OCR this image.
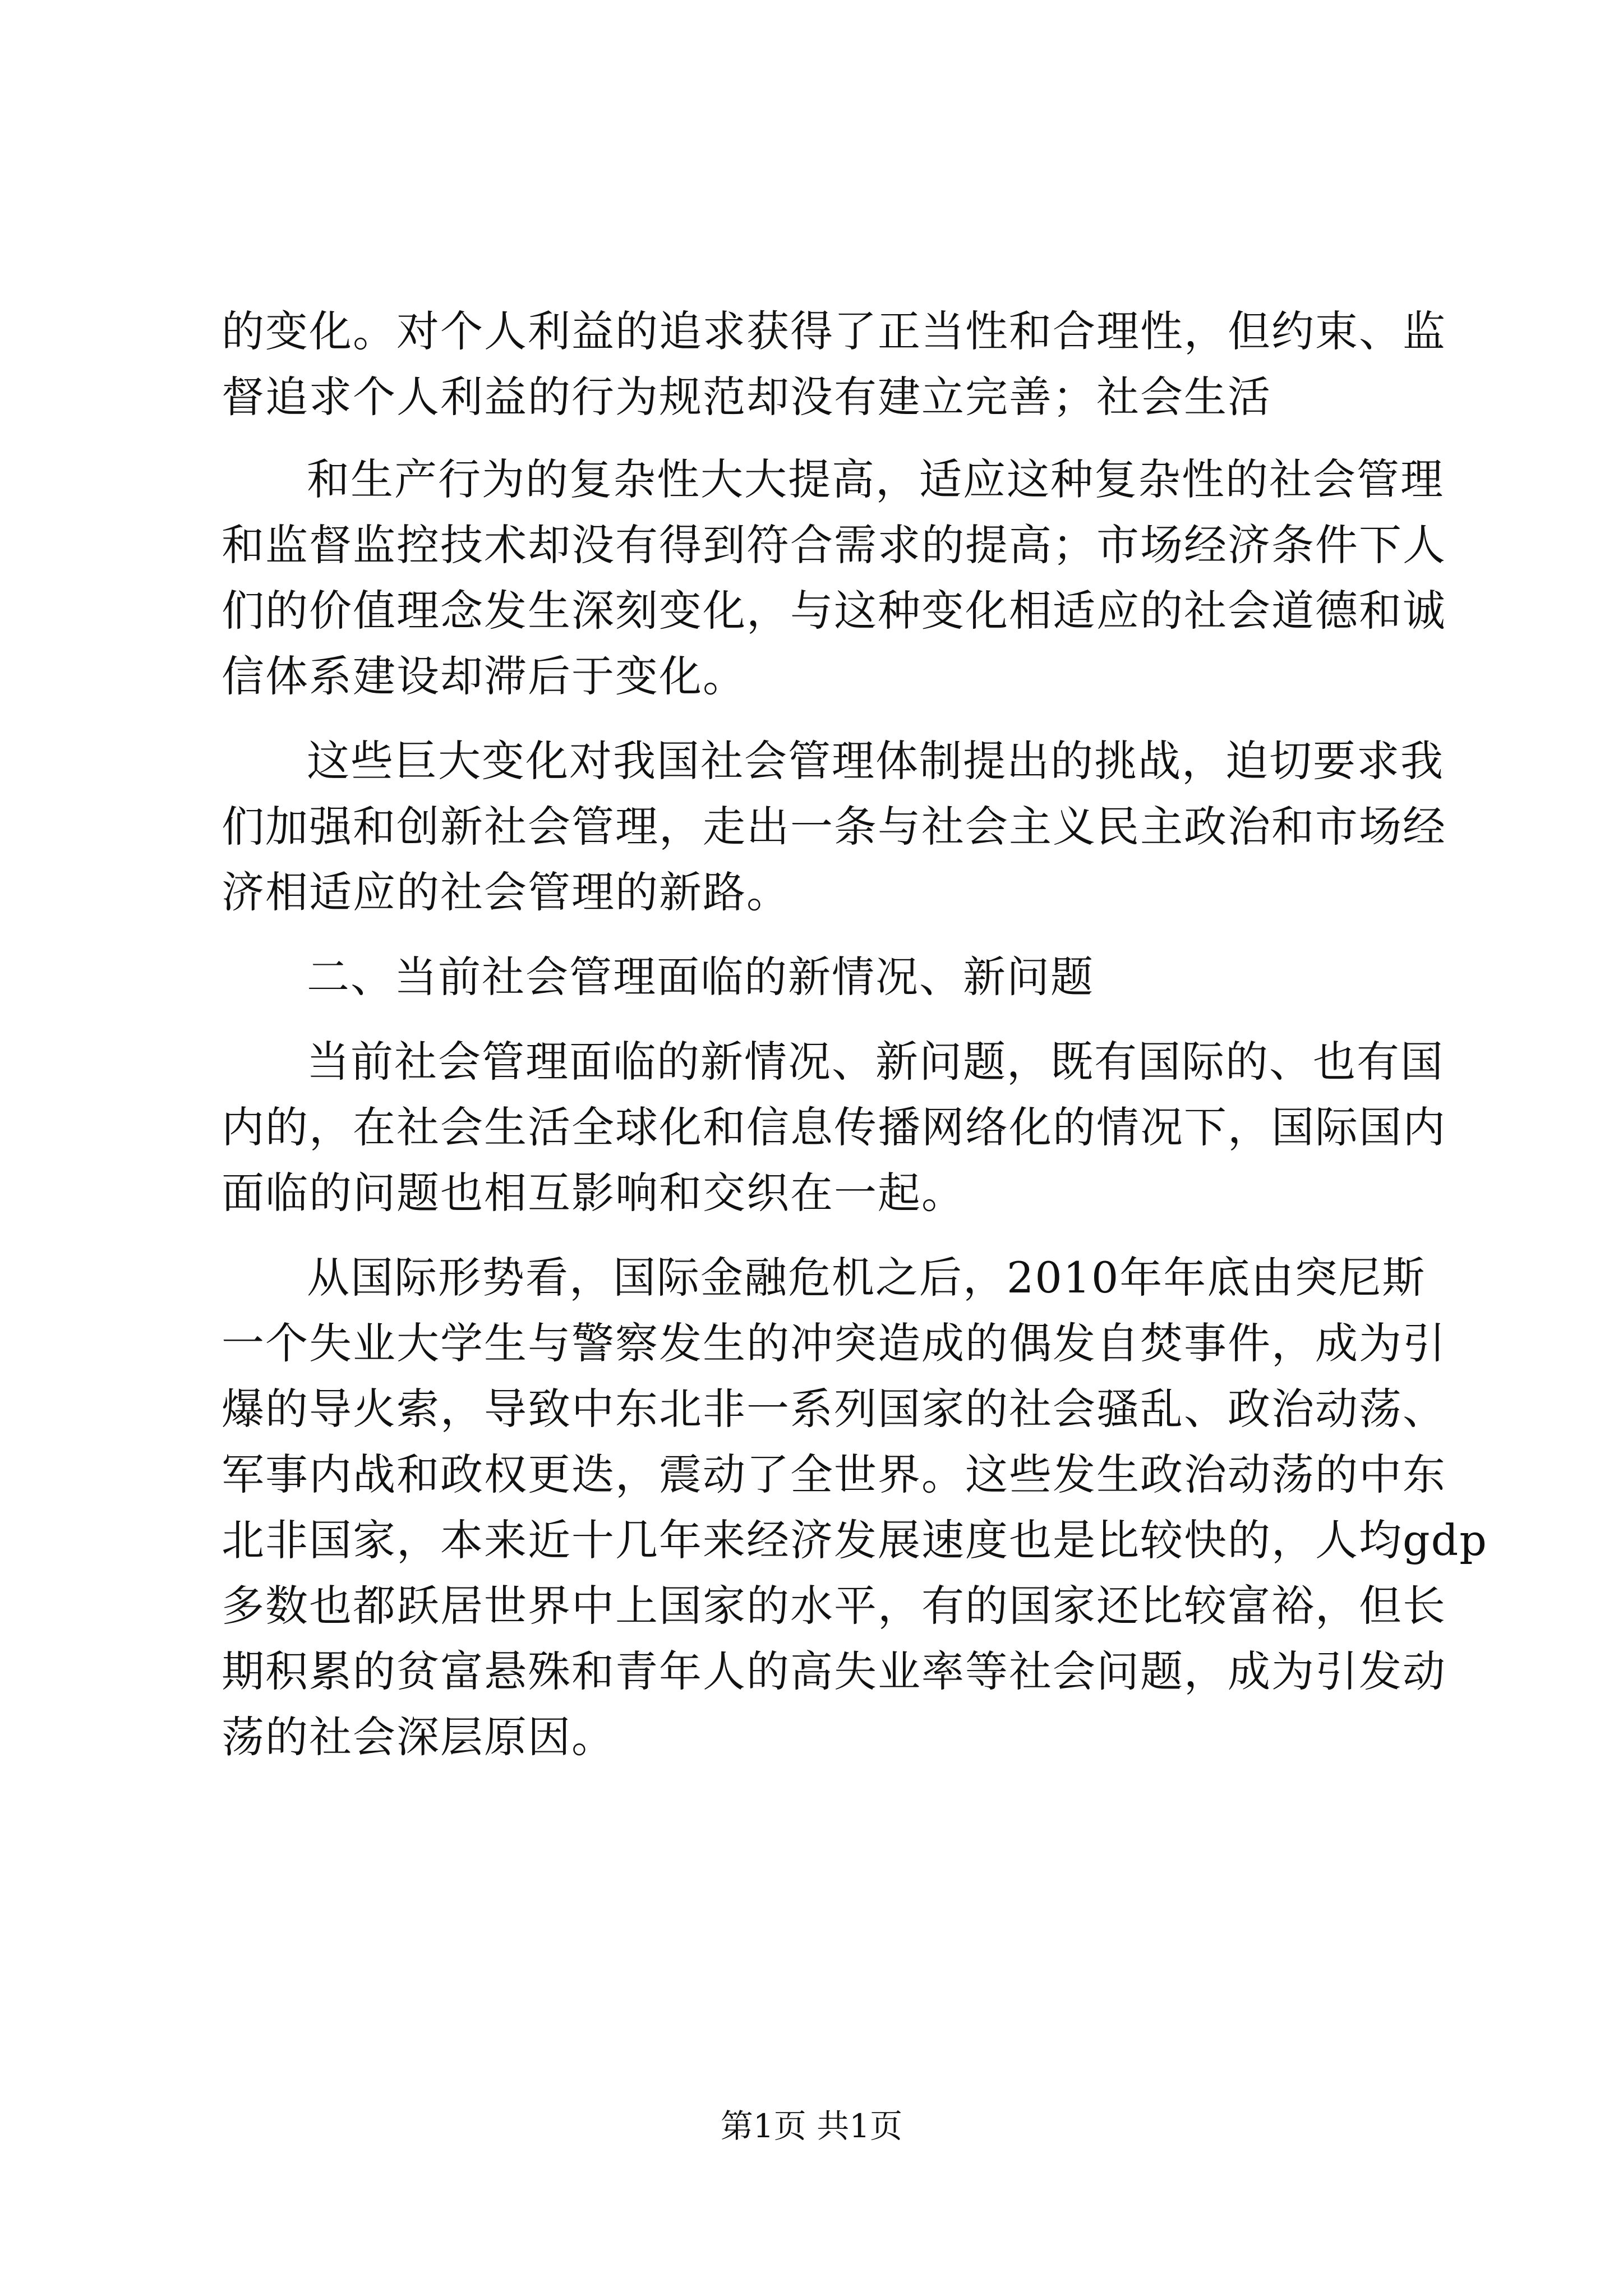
的变化。对个人利益的追求获得了正当性和合理性，但约束、监
督追求个人利益的行为规范却没有建立完善；社会生活
和生产行为的复杂性大大提高，适应这种复杂性的社会管理
和监督监控技术却没有得到符合需求的提高；市场经济条件下人
们的价值理念发生深刻变化，与这种变化相适应的社会道德和诚
信体系建设却滞后于变化。
这些巨大变化对我国社会管理体制提出的挑战，迫切要求我
们加强和创新社会管理，走出一条与社会主义民主政治和市场经
济相适应的社会管理的新路。
二、当前社会管理面临的新情况、新问题
当前社会管理面临的新情况、新问题，既有国际的、也有国
内的，在社会生活全球化和信息传播网络化的情况下，国际国内
面临的问题也相互影响和交织在一起。
从国际形势看，国际金融危机之后，2010年年底由突尼斯
一个失业大学生与警察发生的冲突造成的偶发自焚事件，成为引
爆的导火索，导致中东北非一系列国家的社会骚乱、政治动荡、
军事内战和政权更迭，震动了全世界。这些发生政治动荡的中东
北非国家，本来近十几年来经济发展速度也是比较快的，人均gdp
多数也都跃居世界中上国家的水平，有的国家还比较富裕，但长
期积累的贫富悬殊和青年人的高失业率等社会问题，成为引发动
荡的社会深层原因。
第1页 共1页
